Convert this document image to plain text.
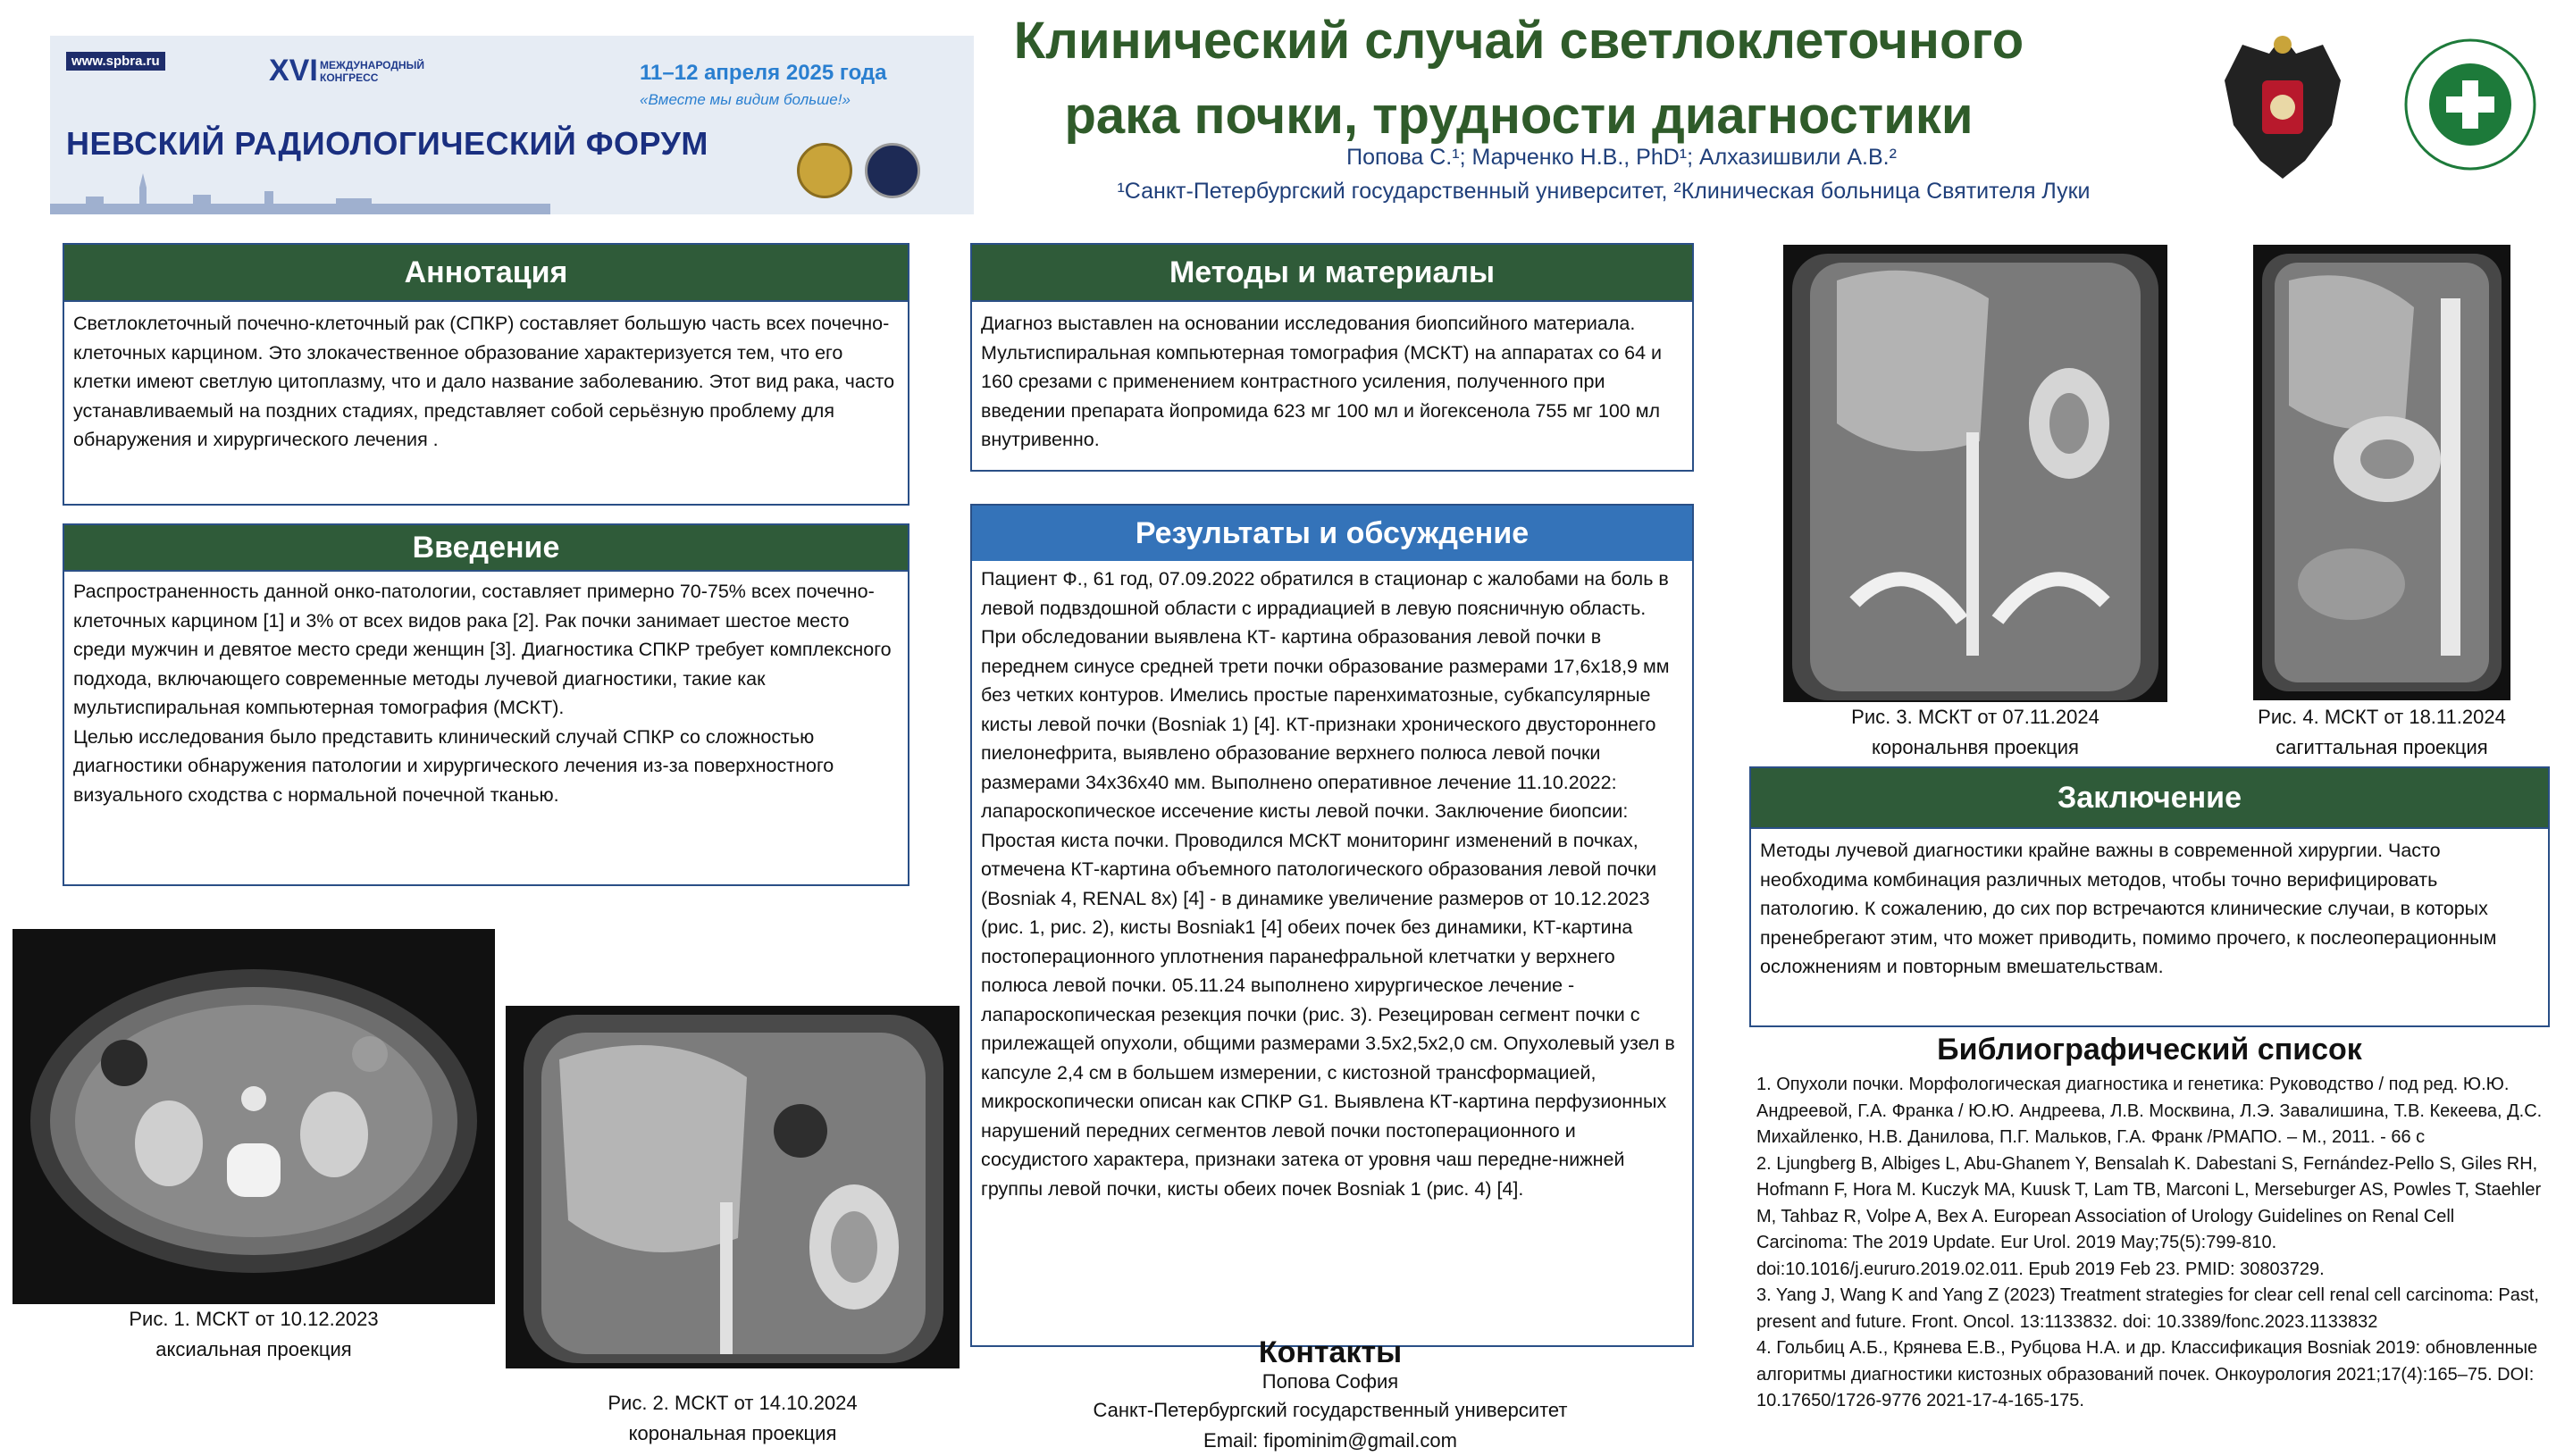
www.spbra.ru	XVI МЕЖДУНАРОДНЫЙ
КОНГРЕСС	11–12 апреля 2025 года
«Вместе мы видим больше!»
НЕВСКИЙ РАДИОЛОГИЧЕСКИЙ ФОРУМ
Клинический случай светлоклеточного
рака почки, трудности диагностики
Попова С.¹; Марченко Н.В., PhD¹; Алхазишвили А.В.²
¹Санкт-Петербургский государственный университет, ²Клиническая больница Святителя Луки
Аннотация
Светлоклеточный почечно-клеточный рак (СПКР) составляет большую часть всех почечно-клеточных карцином. Это злокачественное образование характеризуется тем, что его клетки имеют светлую цитоплазму, что и дало название заболеванию. Этот вид рака, часто устанавливаемый на поздних стадиях, представляет собой серьёзную проблему для обнаружения и хирургического лечения .
Введение
Распространенность данной онко-патологии, составляет примерно 70-75% всех почечно-клеточных карцином [1] и 3% от всех видов рака [2]. Рак почки занимает шестое место среди мужчин и девятое место среди женщин [3]. Диагностика СПКР требует комплексного подхода, включающего современные методы лучевой диагностики, такие как мультиспиральная компьютерная томография (МСКТ).
Целью исследования было представить клинический случай СПКР со сложностью диагностики обнаружения патологии и хирургического лечения из-за поверхностного визуального сходства с нормальной почечной тканью.
Рис. 1. МСКТ от 10.12.2023
аксиальная проекция
Рис. 2. МСКТ от 14.10.2024
корональная проекция
Методы и материалы
Диагноз выставлен на основании исследования биопсийного материала. Мультиспиральная компьютерная томография (МСКТ) на аппаратах со 64 и 160 срезами с применением контрастного усиления, полученного при введении препарата йопромида 623 мг 100 мл и йогексенола 755 мг 100 мл внутривенно.
Результаты и обсуждение
Пациент Ф., 61 год, 07.09.2022 обратился в стационар с жалобами на боль в левой подвздошной области с иррадиацией в левую поясничную область. При обследовании выявлена КТ- картина образования левой почки в переднем синусе средней трети почки образование размерами 17,6х18,9 мм без четких контуров. Имелись простые паренхиматозные, субкапсулярные кисты левой почки (Bosniak 1) [4]. КТ-признаки хронического двустороннего пиелонефрита, выявлено образование верхнего полюса левой почки размерами 34х36х40 мм. Выполнено оперативное лечение 11.10.2022: лапароскопическое иссечение кисты левой почки. Заключение биопсии: Простая киста почки. Проводился МСКТ мониторинг изменений в почках, отмечена КТ-картина объемного патологического образования левой почки (Bosniak 4, RENAL 8x) [4] - в динамике увеличение размеров от 10.12.2023 (рис. 1, рис. 2), кисты Bosniak1 [4] обеих почек без динамики, КТ-картина постоперационного уплотнения паранефральной клетчатки у верхнего полюса левой почки. 05.11.24 выполнено хирургическое лечение - лапароскопическая резекция почки (рис. 3). Резецирован сегмент почки с прилежащей опухоли, общими размерами 3.5х2,5х2,0 см. Опухолевый узел в капсуле 2,4 см в большем измерении, с кистозной трансформацией, микроскопически описан как СПКР G1. Выявлена КТ-картина перфузионных нарушений передних сегментов левой почки постоперационного и сосудистого характера, признаки затека от уровня чаш передне-нижней группы левой почки, кисты обеих почек Bosniak 1 (рис. 4) [4].
Контакты
Попова София
Санкт-Петербургский государственный университет
Email: fipominim@gmail.com
Рис. 3. МСКТ от 07.11.2024
корональнвя проекция
Рис. 4. МСКТ от 18.11.2024
сагиттальная проекция
Заключение
Методы лучевой диагностики крайне важны в современной хирургии. Часто необходима комбинация различных методов, чтобы точно верифицировать патологию. К сожалению, до сих пор встречаются клинические случаи, в которых пренебрегают этим, что может приводить, помимо прочего, к послеоперационным осложнениям и повторным вмешательствам.
Библиографический список
1. Опухоли почки. Морфологическая диагностика и генетика: Руководство / под ред. Ю.Ю. Андреевой, Г.А. Франка / Ю.Ю. Андреева, Л.В. Москвина, Л.Э. Завалишина, Т.В. Кекеева, Д.С. Михайленко, Н.В. Данилова, П.Г. Мальков, Г.А. Франк /РМАПО. – М., 2011. - 66 с
2. Ljungberg B, Albiges L, Abu-Ghanem Y, Bensalah K. Dabestani S, Fernández-Pello S, Giles RH, Hofmann F, Hora M. Kuczyk MA, Kuusk T, Lam TB, Marconi L, Merseburger AS, Powles T, Staehler M, Tahbaz R, Volpe A, Bex A. European Association of Urology Guidelines on Renal Cell Carcinoma: The 2019 Update. Eur Urol. 2019 May;75(5):799-810. doi:10.1016/j.eururo.2019.02.011. Epub 2019 Feb 23. PMID: 30803729.
3. Yang J, Wang K and Yang Z (2023) Treatment strategies for clear cell renal cell carcinoma: Past, present and future. Front. Oncol. 13:1133832. doi: 10.3389/fonc.2023.1133832
4. Гольбиц А.Б., Крянева Е.В., Рубцова Н.А. и др. Классификация Bosniak 2019: обновленные алгоритмы диагностики кистозных образований почек. Онкоурология 2021;17(4):165–75. DOI: 10.17650/1726-9776 2021-17-4-165-175.
